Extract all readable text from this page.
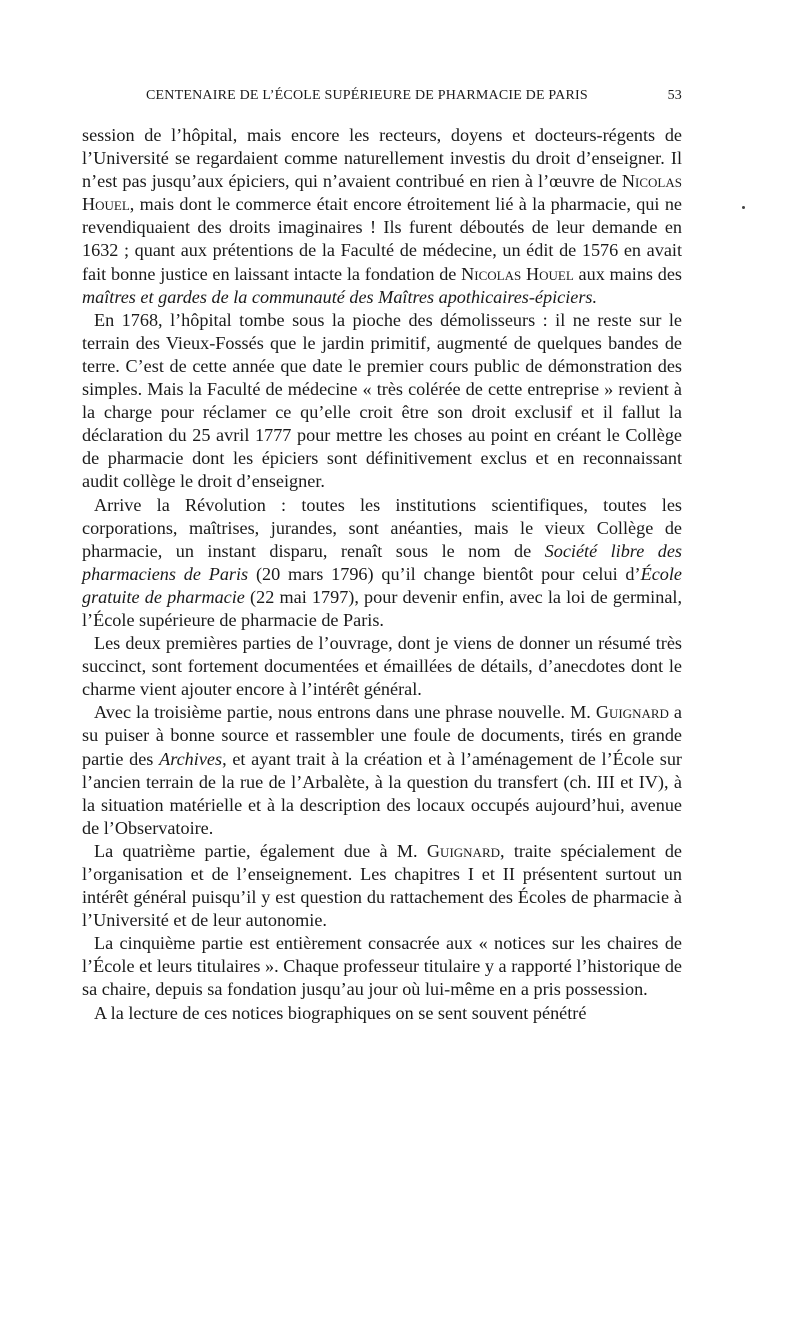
CENTENAIRE DE L’ÉCOLE SUPÉRIEURE DE PHARMACIE DE PARIS	53

session de l’hôpital, mais encore les recteurs, doyens et docteurs-régents de l’Université se regardaient comme naturellement investis du droit d’enseigner. Il n’est pas jusqu’aux épiciers, qui n’avaient contribué en rien à l’œuvre de Nicolas Houel, mais dont le commerce était encore étroitement lié à la pharmacie, qui ne revendiquaient des droits imaginaires ! Ils furent déboutés de leur demande en 1632 ; quant aux prétentions de la Faculté de médecine, un édit de 1576 en avait fait bonne justice en laissant intacte la fondation de Nicolas Houel aux mains des maîtres et gardes de la communauté des Maîtres apothicaires-épiciers.

En 1768, l’hôpital tombe sous la pioche des démolisseurs : il ne reste sur le terrain des Vieux-Fossés que le jardin primitif, augmenté de quelques bandes de terre. C’est de cette année que date le premier cours public de démonstration des simples. Mais la Faculté de médecine « très colérée de cette entreprise » revient à la charge pour réclamer ce qu’elle croit être son droit exclusif et il fallut la déclaration du 25 avril 1777 pour mettre les choses au point en créant le Collège de pharmacie dont les épiciers sont définitivement exclus et en reconnaissant audit collège le droit d’enseigner.

Arrive la Révolution : toutes les institutions scientifiques, toutes les corporations, maîtrises, jurandes, sont anéanties, mais le vieux Collège de pharmacie, un instant disparu, renaît sous le nom de Société libre des pharmaciens de Paris (20 mars 1796) qu’il change bientôt pour celui d’École gratuite de pharmacie (22 mai 1797), pour devenir enfin, avec la loi de germinal, l’École supérieure de pharmacie de Paris.

Les deux premières parties de l’ouvrage, dont je viens de donner un résumé très succinct, sont fortement documentées et émaillées de détails, d’anecdotes dont le charme vient ajouter encore à l’intérêt général.

Avec la troisième partie, nous entrons dans une phrase nouvelle. M. Guignard a su puiser à bonne source et rassembler une foule de documents, tirés en grande partie des Archives, et ayant trait à la création et à l’aménagement de l’École sur l’ancien terrain de la rue de l’Arbalète, à la question du transfert (ch. III et IV), à la situation matérielle et à la description des locaux occupés aujourd’hui, avenue de l’Observatoire.

La quatrième partie, également due à M. Guignard, traite spécialement de l’organisation et de l’enseignement. Les chapitres I et II présentent surtout un intérêt général puisqu’il y est question du rattachement des Écoles de pharmacie à l’Université et de leur autonomie.

La cinquième partie est entièrement consacrée aux « notices sur les chaires de l’École et leurs titulaires ». Chaque professeur titulaire y a rapporté l’historique de sa chaire, depuis sa fondation jusqu’au jour où lui-même en a pris possession.

A la lecture de ces notices biographiques on se sent souvent pénétré
